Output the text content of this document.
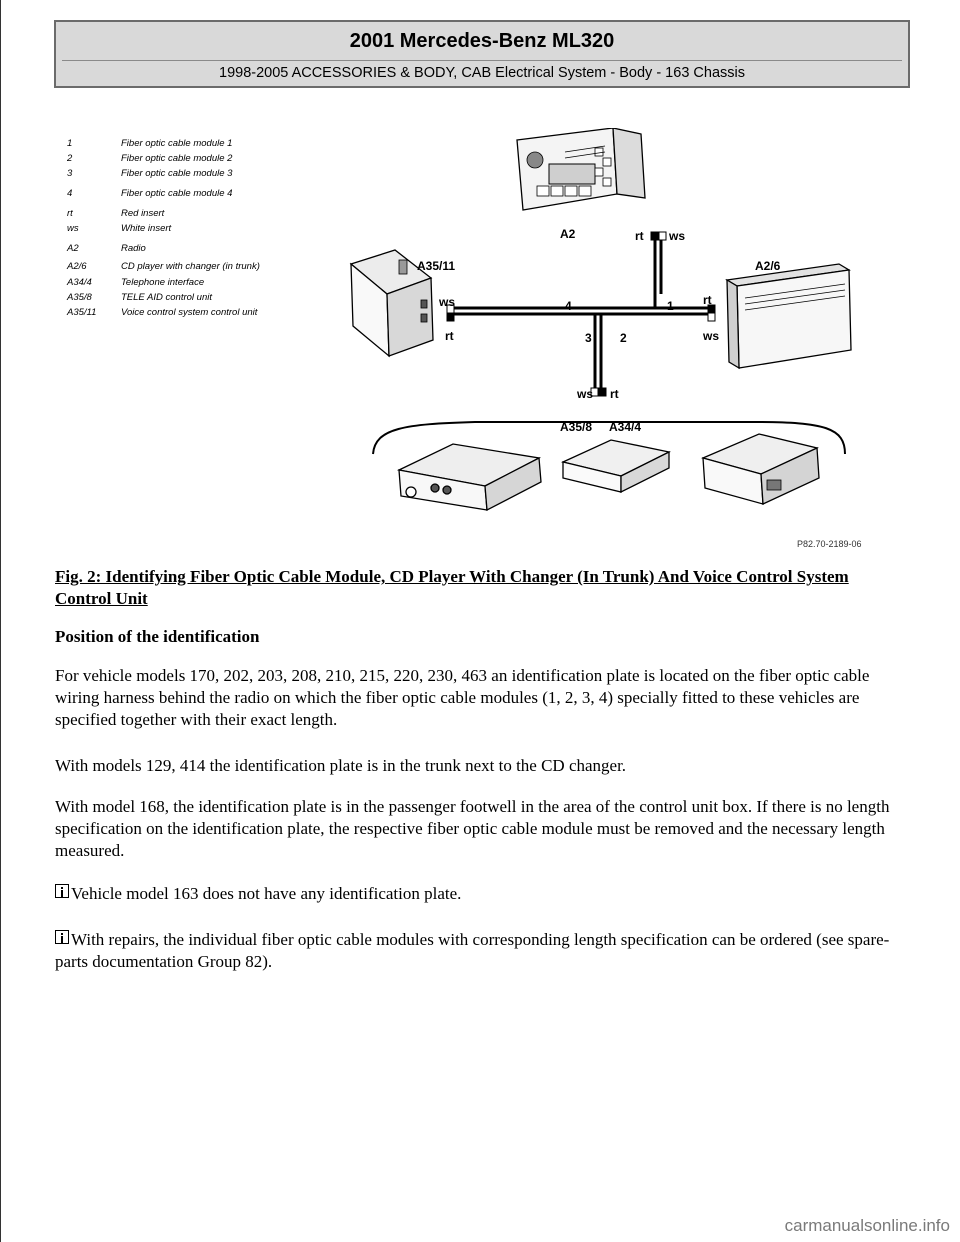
2001 Mercedes-Benz ML320
1998-2005 ACCESSORIES & BODY, CAB Electrical System - Body - 163 Chassis
1	Fiber optic cable module 1
2	Fiber optic cable module 2
3	Fiber optic cable module 3
4	Fiber optic cable module 4
rt	Red insert
ws	White insert
A2	Radio
A2/6	CD player with changer (in trunk)
A34/4	Telephone interface
A35/8	TELE AID control unit
A35/11	Voice control system control unit
A2
A2/6
A35/11
A35/8 A34/4
rt ws
ws
rt
rt
ws
ws rt
1
2
3
4
P82.70-2189-06
Fig. 2: Identifying Fiber Optic Cable Module, CD Player With Changer (In Trunk) And Voice Control System Control Unit
Position of the identification
For vehicle models 170, 202, 203, 208, 210, 215, 220, 230, 463 an identification plate is located on the fiber optic cable wiring harness behind the radio on which the fiber optic cable modules (1, 2, 3, 4) specially fitted to these vehicles are specified together with their exact length.
With models 129, 414 the identification plate is in the trunk next to the CD changer.
With model 168, the identification plate is in the passenger footwell in the area of the control unit box. If there is no length specification on the identification plate, the respective fiber optic cable module must be removed and the necessary length measured.
Vehicle model 163 does not have any identification plate.
With repairs, the individual fiber optic cable modules with corresponding length specification can be ordered (see spare-parts documentation Group 82).
carmanualsonline.info
